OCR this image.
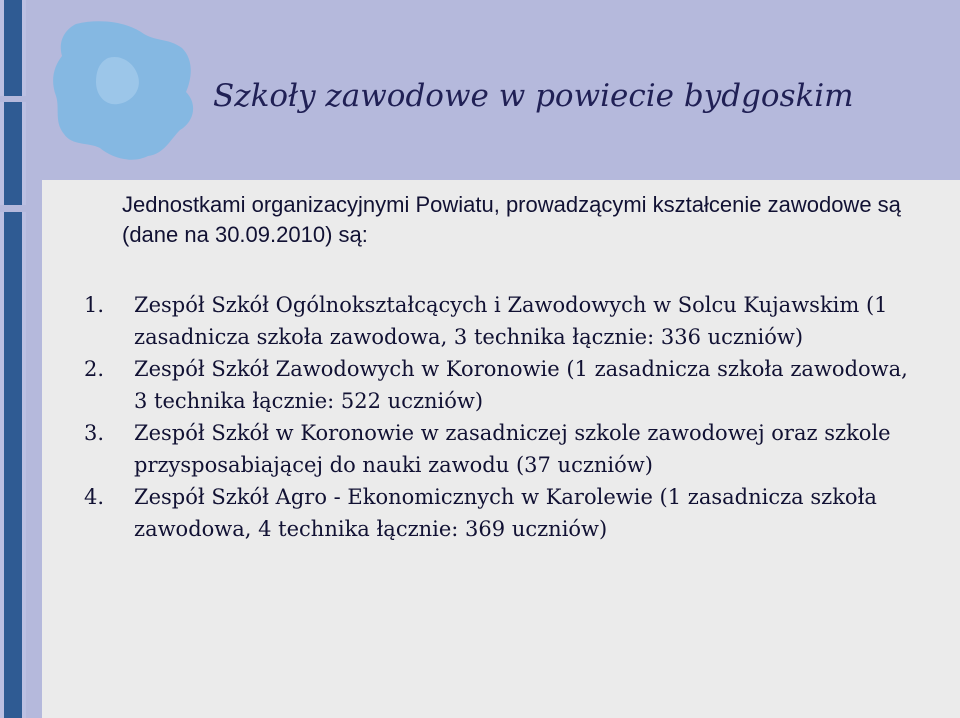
Szkoły zawodowe w powiecie bydgoskim
Jednostkami organizacyjnymi Powiatu, prowadzącymi kształcenie zawodowe są (dane na 30.09.2010) są:
1.	Zespół Szkół Ogólnokształcących i Zawodowych w Solcu Kujawskim (1 zasadnicza szkoła zawodowa, 3 technika łącznie: 336 uczniów)
2.	Zespół Szkół Zawodowych w Koronowie (1 zasadnicza szkoła zawodowa, 3 technika łącznie: 522 uczniów)
3.	Zespół Szkół w Koronowie w zasadniczej szkole zawodowej oraz szkole przysposabiającej do nauki zawodu (37 uczniów)
4.	Zespół Szkół Agro - Ekonomicznych w Karolewie (1 zasadnicza szkoła zawodowa, 4 technika łącznie: 369 uczniów)
